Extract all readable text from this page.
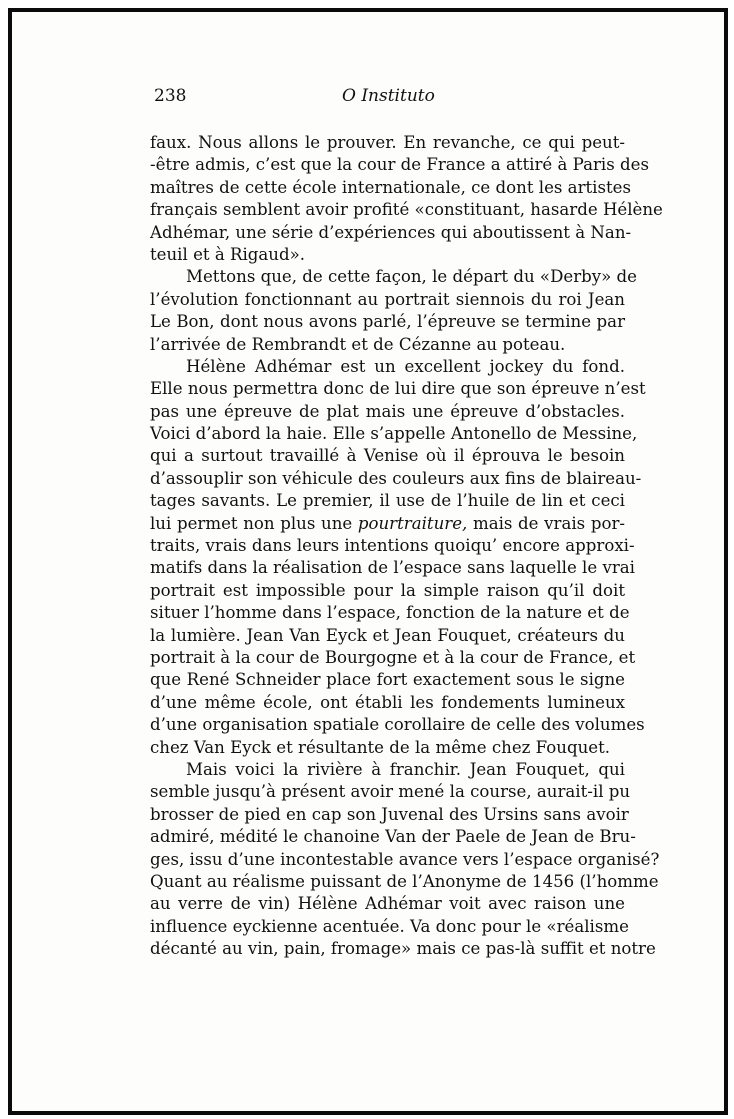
238	O Instituto
faux. Nous allons le prouver. En revanche, ce qui peut-
-être admis, c’est que la cour de France a attiré à Paris des
maîtres de cette école internationale, ce dont les artistes
français semblent avoir profité «constituant, hasarde Hélène
Adhémar, une série d’expériences qui aboutissent à Nan-
teuil et à Rigaud».
Mettons que, de cette façon, le départ du «Derby» de
l’évolution fonctionnant au portrait siennois du roi Jean
Le Bon, dont nous avons parlé, l’épreuve se termine par
l’arrivée de Rembrandt et de Cézanne au poteau.
Hélène Adhémar est un excellent jockey du fond.
Elle nous permettra donc de lui dire que son épreuve n’est
pas une épreuve de plat mais une épreuve d’obstacles.
Voici d’abord la haie. Elle s’appelle Antonello de Messine,
qui a surtout travaillé à Venise où il éprouva le besoin
d’assouplir son véhicule des couleurs aux fins de blaireau-
tages savants. Le premier, il use de l’huile de lin et ceci
lui permet non plus une pourtraiture, mais de vrais por-
traits, vrais dans leurs intentions quoiqu’ encore approxi-
matifs dans la réalisation de l’espace sans laquelle le vrai
portrait est impossible pour la simple raison qu’il doit
situer l’homme dans l’espace, fonction de la nature et de
la lumière. Jean Van Eyck et Jean Fouquet, créateurs du
portrait à la cour de Bourgogne et à la cour de France, et
que René Schneider place fort exactement sous le signe
d’une même école, ont établi les fondements lumineux
d’une organisation spatiale corollaire de celle des volumes
chez Van Eyck et résultante de la même chez Fouquet.
Mais voici la rivière à franchir. Jean Fouquet, qui
semble jusqu’à présent avoir mené la course, aurait-il pu
brosser de pied en cap son Juvenal des Ursins sans avoir
admiré, médité le chanoine Van der Paele de Jean de Bru-
ges, issu d’une incontestable avance vers l’espace organisé?
Quant au réalisme puissant de l’Anonyme de 1456 (l’homme
au verre de vin) Hélène Adhémar voit avec raison une
influence eyckienne acentuée. Va donc pour le «réalisme
décanté au vin, pain, fromage» mais ce pas-là suffit et notre
